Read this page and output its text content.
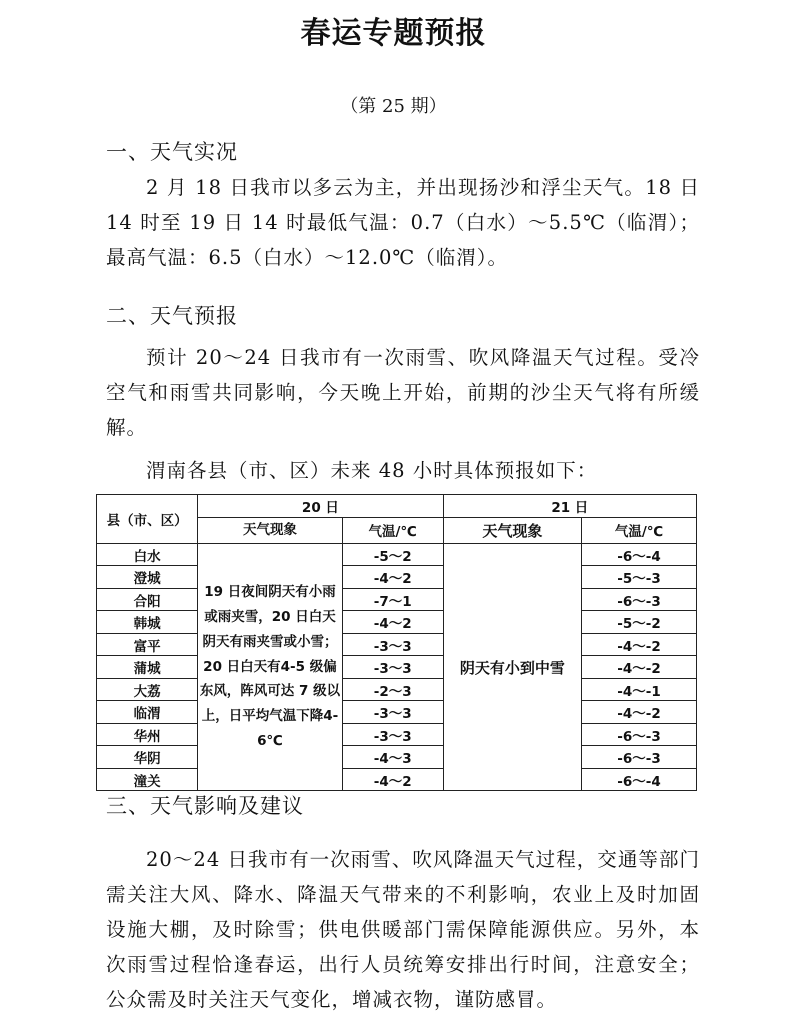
春运专题预报
（第 25 期）
一、天气实况
2 月 18 日我市以多云为主，并出现扬沙和浮尘天气。18 日 14 时至 19 日 14 时最低气温：0.7（白水）～5.5℃（临渭）；最高气温：6.5（白水）～12.0℃（临渭）。
二、天气预报
预计 20～24 日我市有一次雨雪、吹风降温天气过程。受冷空气和雨雪共同影响，今天晚上开始，前期的沙尘天气将有所缓解。
渭南各县（市、区）未来 48 小时具体预报如下：
县（市、区）	20 日		21 日	
	天气现象	气温/℃	天气现象	气温/℃
白水	19 日夜间阴天有小雨或雨夹雪，20 日白天阴天有雨夹雪或小雪；20 日白天有4-5 级偏东风，阵风可达 7 级以上，日平均气温下降4-6℃	-5～2	阴天有小到中雪	-6～-4
澄城		-4～2		-5～-3
合阳		-7～1		-6～-3
韩城		-4～2		-5～-2
富平		-3～3		-4～-2
蒲城		-3～3		-4～-2
大荔		-2～3		-4～-1
临渭		-3～3		-4～-2
华州		-3～3		-6～-3
华阴		-4～3		-6～-3
潼关		-4～2		-6～-4
三、天气影响及建议
20～24 日我市有一次雨雪、吹风降温天气过程，交通等部门需关注大风、降水、降温天气带来的不利影响，农业上及时加固设施大棚，及时除雪；供电供暖部门需保障能源供应。另外，本次雨雪过程恰逢春运，出行人员统筹安排出行时间，注意安全；公众需及时关注天气变化，增减衣物，谨防感冒。
